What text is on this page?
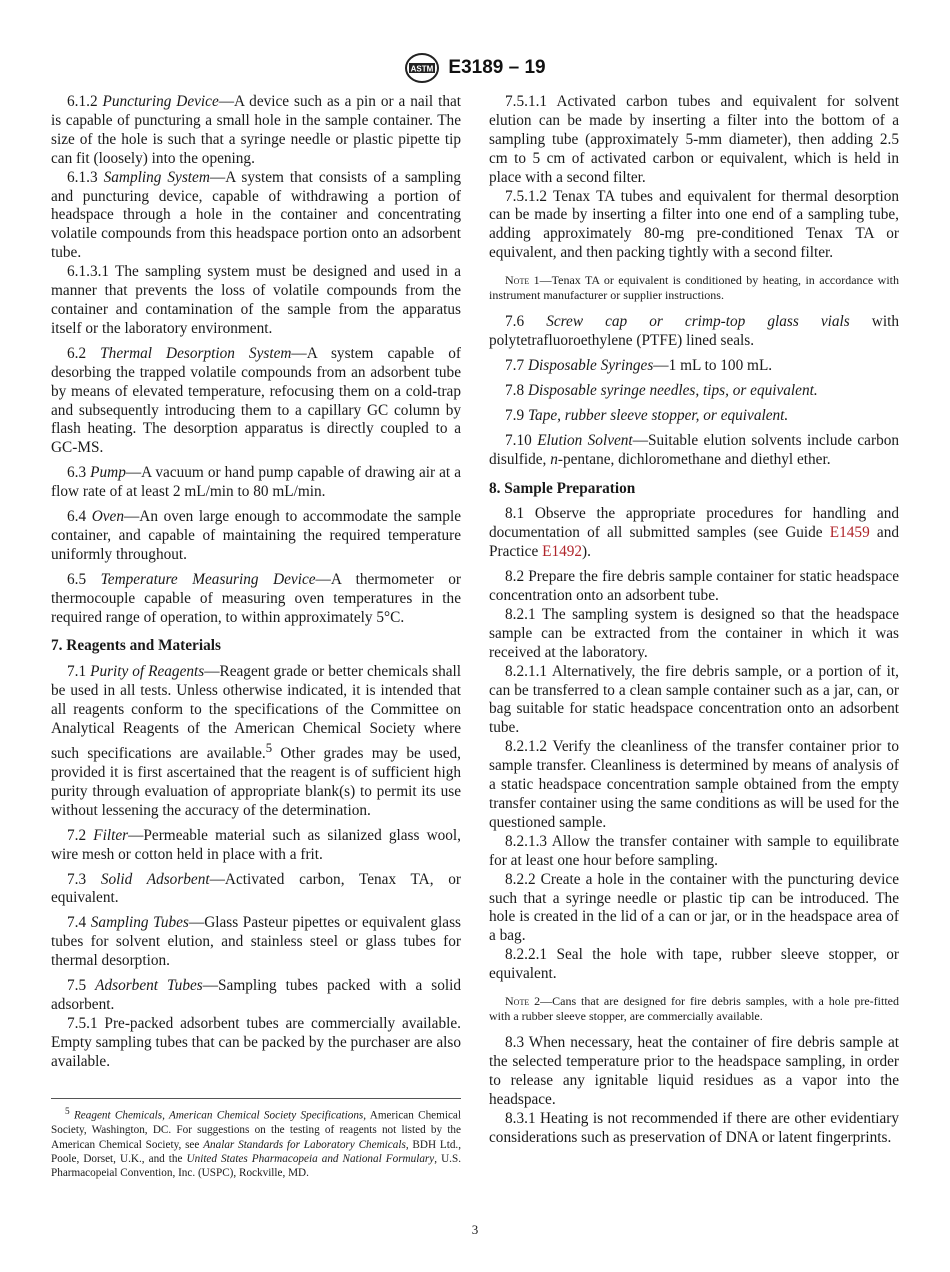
ASTM E3189 – 19

6.1.2 Puncturing Device—A device such as a pin or a nail that is capable of puncturing a small hole in the sample container. The size of the hole is such that a syringe needle or plastic pipette tip can fit (loosely) into the opening.

6.1.3 Sampling System—A system that consists of a sampling and puncturing device, capable of withdrawing a portion of headspace through a hole in the container and concentrating volatile compounds from this headspace portion onto an adsorbent tube.

6.1.3.1 The sampling system must be designed and used in a manner that prevents the loss of volatile compounds from the container and contamination of the sample from the apparatus itself or the laboratory environment.

6.2 Thermal Desorption System—A system capable of desorbing the trapped volatile compounds from an adsorbent tube by means of elevated temperature, refocusing them on a cold-trap and subsequently introducing them to a capillary GC column by flash heating. The desorption apparatus is directly coupled to a GC-MS.

6.3 Pump—A vacuum or hand pump capable of drawing air at a flow rate of at least 2 mL/min to 80 mL/min.

6.4 Oven—An oven large enough to accommodate the sample container, and capable of maintaining the required temperature uniformly throughout.

6.5 Temperature Measuring Device—A thermometer or thermocouple capable of measuring oven temperatures in the required range of operation, to within approximately 5°C.

7. Reagents and Materials

7.1 Purity of Reagents—Reagent grade or better chemicals shall be used in all tests. Unless otherwise indicated, it is intended that all reagents conform to the specifications of the Committee on Analytical Reagents of the American Chemical Society where such specifications are available.$^5$ Other grades may be used, provided it is first ascertained that the reagent is of sufficient high purity through evaluation of appropriate blank(s) to permit its use without lessening the accuracy of the determination.

7.2 Filter—Permeable material such as silanized glass wool, wire mesh or cotton held in place with a frit.

7.3 Solid Adsorbent—Activated carbon, Tenax TA, or equivalent.

7.4 Sampling Tubes—Glass Pasteur pipettes or equivalent glass tubes for solvent elution, and stainless steel or glass tubes for thermal desorption.

7.5 Adsorbent Tubes—Sampling tubes packed with a solid adsorbent.

7.5.1 Pre-packed adsorbent tubes are commercially available. Empty sampling tubes that can be packed by the purchaser are also available.

$^5$ Reagent Chemicals, American Chemical Society Specifications, American Chemical Society, Washington, DC. For suggestions on the testing of reagents not listed by the American Chemical Society, see Analar Standards for Laboratory Chemicals, BDH Ltd., Poole, Dorset, U.K., and the United States Pharmacopeia and National Formulary, U.S. Pharmacopeial Convention, Inc. (USPC), Rockville, MD.

7.5.1.1 Activated carbon tubes and equivalent for solvent elution can be made by inserting a filter into the bottom of a sampling tube (approximately 5-mm diameter), then adding 2.5 cm to 5 cm of activated carbon or equivalent, which is held in place with a second filter.

7.5.1.2 Tenax TA tubes and equivalent for thermal desorption can be made by inserting a filter into one end of a sampling tube, adding approximately 80-mg pre-conditioned Tenax TA or equivalent, and then packing tightly with a second filter.

Note 1—Tenax TA or equivalent is conditioned by heating, in accordance with instrument manufacturer or supplier instructions.

7.6 Screw cap or crimp-top glass vials with polytetrafluoroethylene (PTFE) lined seals.

7.7 Disposable Syringes—1 mL to 100 mL.

7.8 Disposable syringe needles, tips, or equivalent.

7.9 Tape, rubber sleeve stopper, or equivalent.

7.10 Elution Solvent—Suitable elution solvents include carbon disulfide, n-pentane, dichloromethane and diethyl ether.

8. Sample Preparation

8.1 Observe the appropriate procedures for handling and documentation of all submitted samples (see Guide E1459 and Practice E1492).

8.2 Prepare the fire debris sample container for static headspace concentration onto an adsorbent tube.

8.2.1 The sampling system is designed so that the headspace sample can be extracted from the container in which it was received at the laboratory.

8.2.1.1 Alternatively, the fire debris sample, or a portion of it, can be transferred to a clean sample container such as a jar, can, or bag suitable for static headspace concentration onto an adsorbent tube.

8.2.1.2 Verify the cleanliness of the transfer container prior to sample transfer. Cleanliness is determined by means of analysis of a static headspace concentration sample obtained from the empty transfer container using the same conditions as will be used for the questioned sample.

8.2.1.3 Allow the transfer container with sample to equilibrate for at least one hour before sampling.

8.2.2 Create a hole in the container with the puncturing device such that a syringe needle or plastic tip can be introduced. The hole is created in the lid of a can or jar, or in the headspace area of a bag.

8.2.2.1 Seal the hole with tape, rubber sleeve stopper, or equivalent.

Note 2—Cans that are designed for fire debris samples, with a hole pre-fitted with a rubber sleeve stopper, are commercially available.

8.3 When necessary, heat the container of fire debris sample at the selected temperature prior to the headspace sampling, in order to release any ignitable liquid residues as a vapor into the headspace.

8.3.1 Heating is not recommended if there are other evidentiary considerations such as preservation of DNA or latent fingerprints.

3
